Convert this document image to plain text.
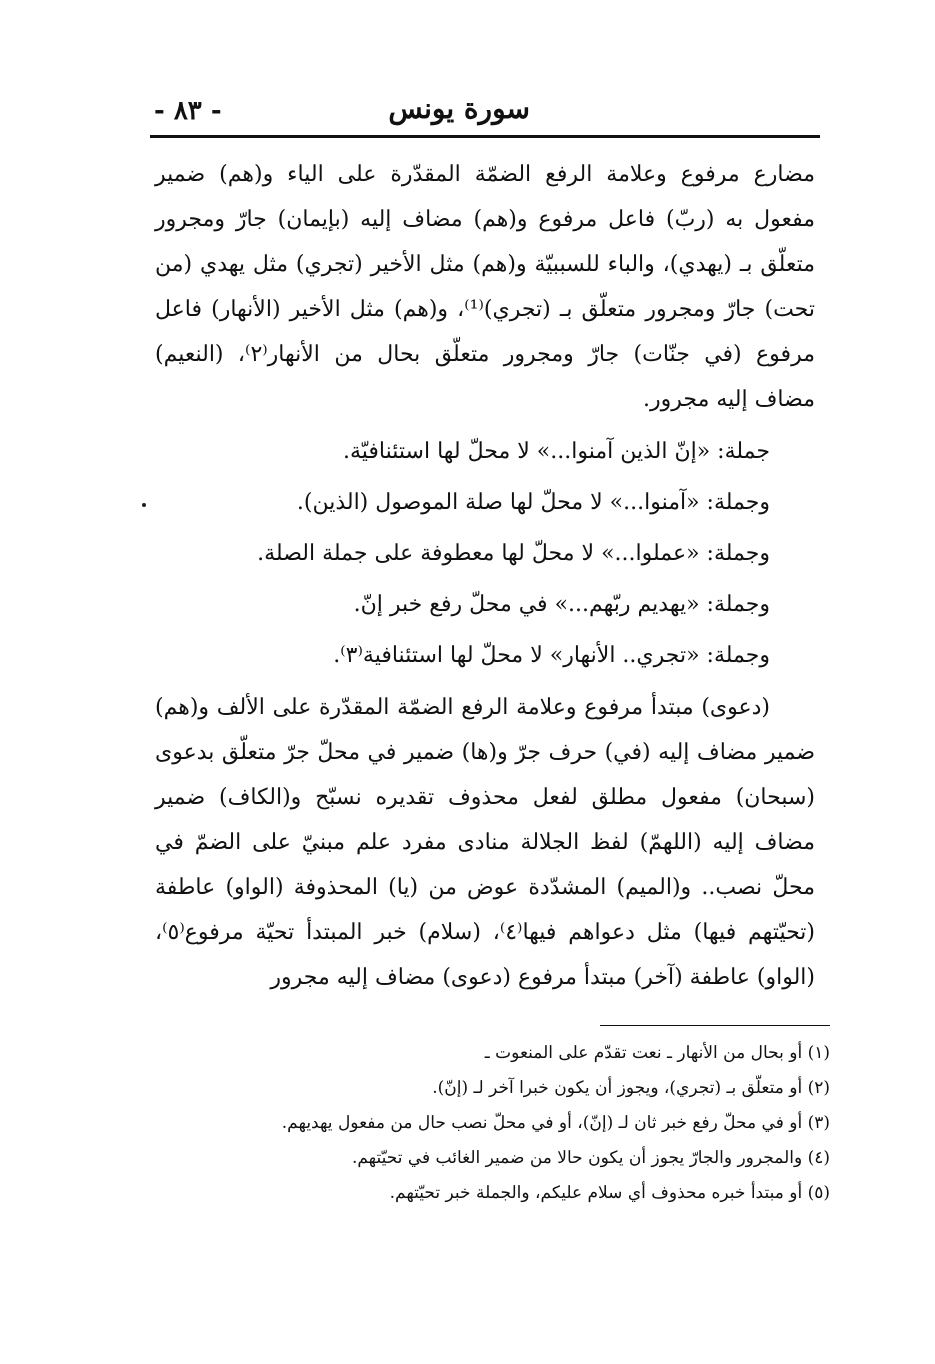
سورة يونس
- ٨٣ -

مضارع مرفوع وعلامة الرفع الضمّة المقدّرة على الياء و(هم) ضمير مفعول به (ربّ) فاعل مرفوع و(هم) مضاف إليه (بإيمان) جارّ ومجرور متعلّق بـ (يهدي)، والباء للسببيّة و(هم) مثل الأخير (تجري) مثل يهدي (من تحت) جارّ ومجرور متعلّق بـ (تجري)⁽¹⁾، و(هم) مثل الأخير (الأنهار) فاعل مرفوع (في جنّات) جارّ ومجرور متعلّق بحال من الأنهار⁽٢⁾، (النعيم) مضاف إليه مجرور.

جملة: «إنّ الذين آمنوا...» لا محلّ لها استئنافيّة.

وجملة: «آمنوا...» لا محلّ لها صلة الموصول (الذين).

وجملة: «عملوا...» لا محلّ لها معطوفة على جملة الصلة.

وجملة: «يهديم ربّهم...» في محلّ رفع خبر إنّ.

وجملة: «تجري.. الأنهار» لا محلّ لها استئنافية⁽٣⁾.

(دعوى) مبتدأ مرفوع وعلامة الرفع الضمّة المقدّرة على الألف و(هم) ضمير مضاف إليه (في) حرف جرّ و(ها) ضمير في محلّ جرّ متعلّق بدعوى (سبحان) مفعول مطلق لفعل محذوف تقديره نسبّح و(الكاف) ضمير مضاف إليه (اللهمّ) لفظ الجلالة منادى مفرد علم مبنيّ على الضمّ في محلّ نصب.. و(الميم) المشدّدة عوض من (يا) المحذوفة (الواو) عاطفة (تحيّتهم فيها) مثل دعواهم فيها⁽٤⁾، (سلام) خبر المبتدأ تحيّة مرفوع⁽٥⁾، (الواو) عاطفة (آخر) مبتدأ مرفوع (دعوى) مضاف إليه مجرور

(١) أو بحال من الأنهار ـ نعت تقدّم على المنعوت ـ

(٢) أو متعلّق بـ (تجري)، ويجوز أن يكون خبرا آخر لـ (إنّ).

(٣) أو في محلّ رفع خبر ثان لـ (إنّ)، أو في محلّ نصب حال من مفعول يهديهم.

(٤) والمجرور والجارّ يجوز أن يكون حالا من ضمير الغائب في تحيّتهم.

(٥) أو مبتدأ خبره محذوف أي سلام عليكم، والجملة خبر تحيّتهم.
